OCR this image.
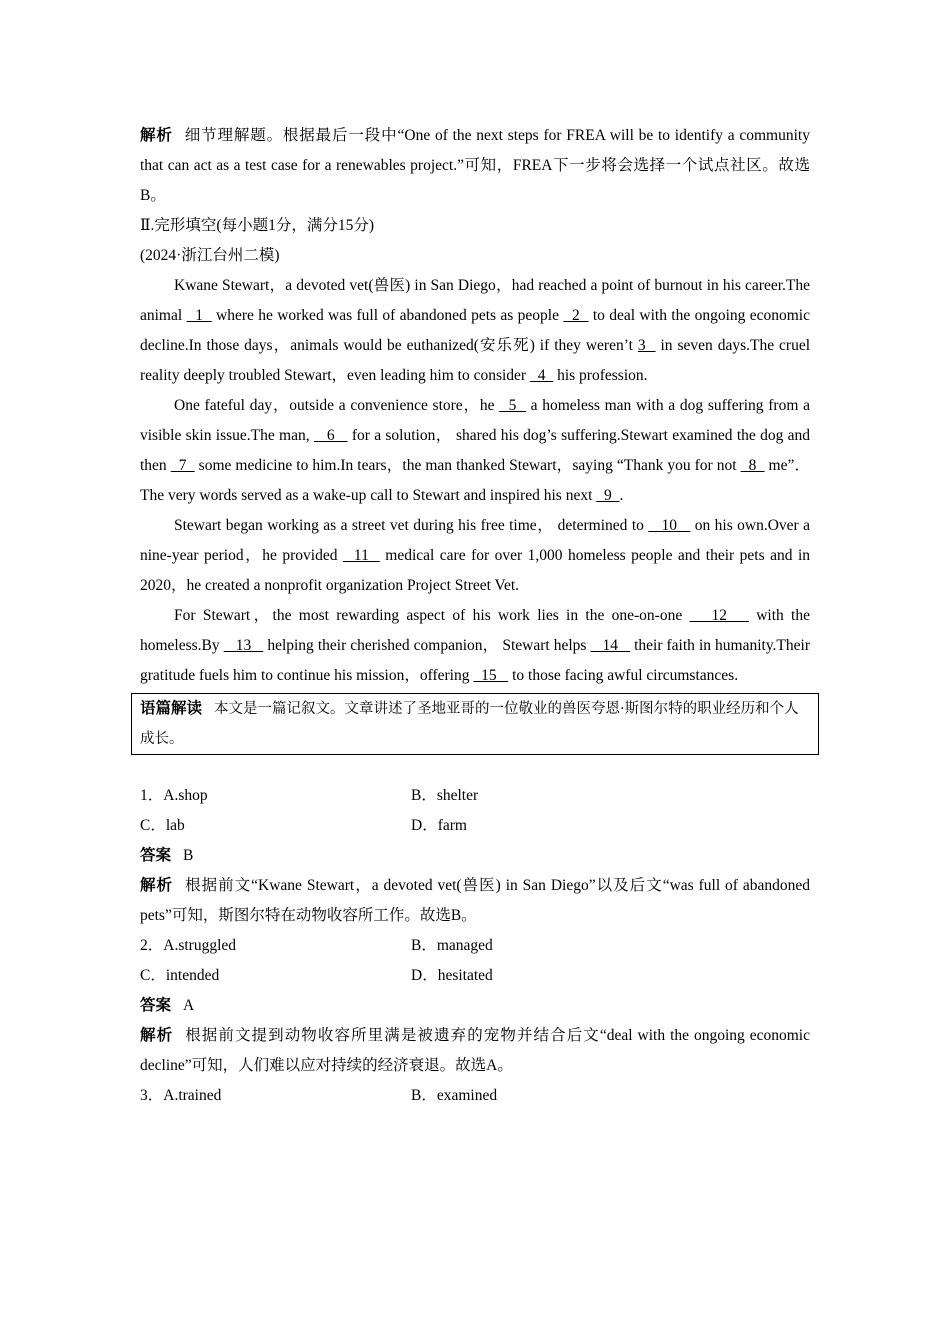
解析 细节理解题。根据最后一段中“One of the next steps for FREA will be to identify a community that can act as a test case for a renewables project.”可知，FREA下一步将会选择一个试点社区。故选B。

Ⅱ.完形填空(每小题1分，满分15分)

(2024·浙江台州二模)

Kwane Stewart，a devoted vet(兽医) in San Diego，had reached a point of burnout in his career.The animal   1   where he worked was full of abandoned pets as people   2   to deal with the ongoing economic decline.In those days，animals would be euthanized(安乐死) if they weren’t 3   in seven days.The cruel reality deeply troubled Stewart，even leading him to consider   4   his profession.

One fateful day，outside a convenience store，he   5   a homeless man with a dog suffering from a visible skin issue.The man,    6    for a solution， shared his dog’s suffering.Stewart examined the dog and then   7   some medicine to him.In tears，the man thanked Stewart，saying “Thank you for not   8   me”． The very words served as a wake-up call to Stewart and inspired his next   9  .

Stewart began working as a street vet during his free time， determined to    10    on his own.Over a nine-year period，he provided   11   medical care for over 1,000 homeless people and their pets and in 2020，he created a nonprofit organization Project Street Vet.

For Stewart，the most rewarding aspect of his work lies in the one-on-one    12    with the homeless.By    13    helping their cherished companion， Stewart helps    14    their faith in humanity.Their gratitude fuels him to continue his mission，offering   15    to those facing awful circumstances.

语篇解读 本文是一篇记叙文。文章讲述了圣地亚哥的一位敬业的兽医夸恩·斯图尔特的职业经历和个人成长。
1．A.shop	B．shelter
C．lab	D．farm

答案 B

解析 根据前文“Kwane Stewart，a devoted vet(兽医) in San Diego”以及后文“was full of abandoned pets”可知，斯图尔特在动物收容所工作。故选B。

2．A.struggled	B．managed
C．intended	D．hesitated

答案 A

解析 根据前文提到动物收容所里满是被遗弃的宠物并结合后文“deal with the ongoing economic decline”可知，人们难以应对持续的经济衰退。故选A。

3．A.trained	B．examined
